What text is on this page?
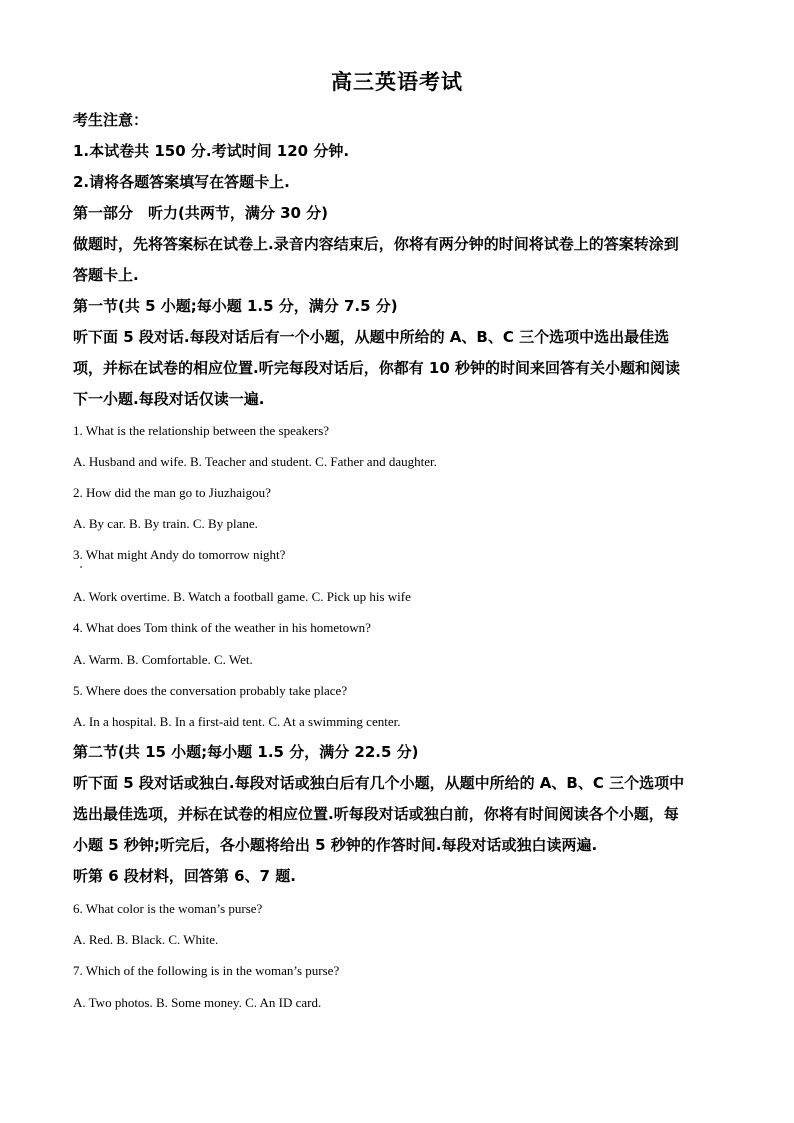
高三英语考试

考生注意：

1.本试卷共 150 分.考试时间 120 分钟.

2.请将各题答案填写在答题卡上.

第一部分　听力(共两节，满分 30 分)

做题时，先将答案标在试卷上.录音内容结束后，你将有两分钟的时间将试卷上的答案转涂到

答题卡上.

第一节(共 5 小题;每小题 1.5 分，满分 7.5 分)

听下面 5 段对话.每段对话后有一个小题，从题中所给的 A、B、C 三个选项中选出最佳选

项，并标在试卷的相应位置.听完每段对话后，你都有 10 秒钟的时间来回答有关小题和阅读

下一小题.每段对话仅读一遍.

1. What is the relationship between the speakers?

A. Husband and wife. B. Teacher and student. C. Father and daughter.

2. How did the man go to Jiuzhaigou?

A. By car. B. By train. C. By plane.

3. What might Andy do tomorrow night?

A. Work overtime. B. Watch a football game. C. Pick up his wife

4. What does Tom think of the weather in his hometown?

A. Warm. B. Comfortable. C. Wet.

5. Where does the conversation probably take place?

A. In a hospital. B. In a first-aid tent. C. At a swimming center.

第二节(共 15 小题;每小题 1.5 分，满分 22.5 分)

听下面 5 段对话或独白.每段对话或独白后有几个小题，从题中所给的 A、B、C 三个选项中

选出最佳选项，并标在试卷的相应位置.听每段对话或独白前，你将有时间阅读各个小题，每

小题 5 秒钟;听完后，各小题将给出 5 秒钟的作答时间.每段对话或独白读两遍.

听第 6 段材料，回答第 6、7 题.

6. What color is the woman’s purse?

A. Red. B. Black. C. White.

7. Which of the following is in the woman’s purse?

A. Two photos. B. Some money. C. An ID card.
